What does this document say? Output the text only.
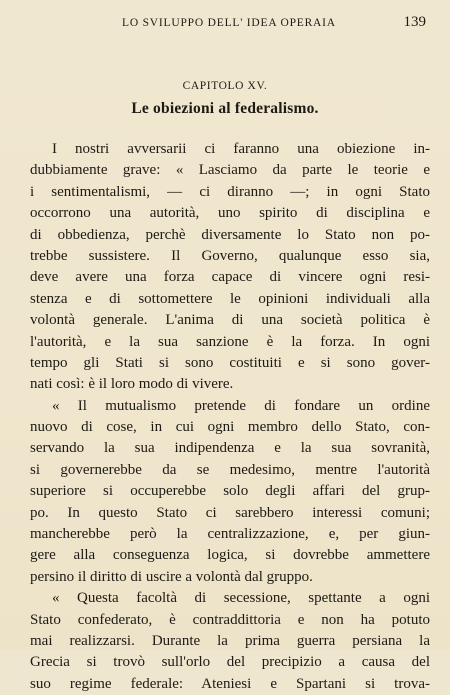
LO SVILUPPO DELL' IDEA OPERAIA	139
CAPITOLO XV.
Le obiezioni al federalismo.
I nostri avversarii ci faranno una obiezione in-
dubbiamente grave: « Lasciamo da parte le teorie e
i sentimentalismi, — ci diranno —; in ogni Stato
occorrono una autorità, uno spirito di disciplina e
di obbedienza, perchè diversamente lo Stato non po-
trebbe sussistere. Il Governo, qualunque esso sia,
deve avere una forza capace di vincere ogni resi-
stenza e di sottomettere le opinioni individuali alla
volontà generale. L'anima di una società politica è
l'autorità, e la sua sanzione è la forza. In ogni
tempo gli Stati si sono costituiti e si sono gover-
nati così: è il loro modo di vivere.
« Il mutualismo pretende di fondare un ordine
nuovo di cose, in cui ogni membro dello Stato, con-
servando la sua indipendenza e la sua sovranità,
si governerebbe da se medesimo, mentre l'autorità
superiore si occuperebbe solo degli affari del grup-
po. In questo Stato ci sarebbero interessi comuni;
mancherebbe però la centralizzazione, e, per giun-
gere alla conseguenza logica, si dovrebbe ammettere
persino il diritto di uscire a volontà dal gruppo.
« Questa facoltà di secessione, spettante a ogni
Stato confederato, è contraddittoria e non ha potuto
mai realizzarsi. Durante la prima guerra persiana la
Grecia si trovò sull'orlo del precipizio a causa del
suo regime federale: Ateniesi e Spartani si trova-
